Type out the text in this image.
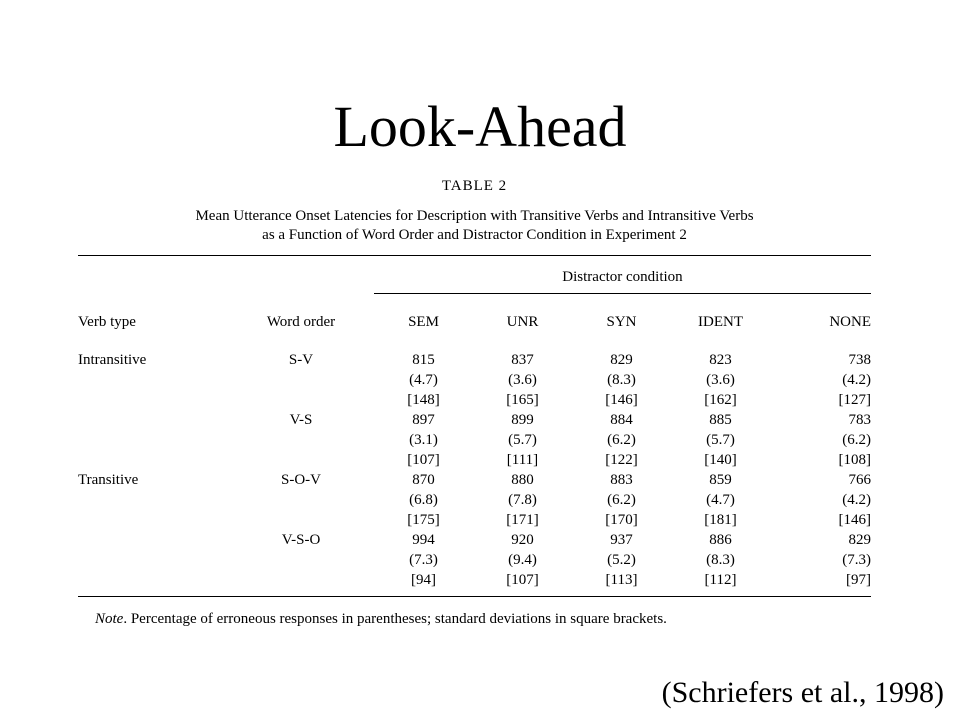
Look-Ahead
TABLE 2
Mean Utterance Onset Latencies for Description with Transitive Verbs and Intransitive Verbs
as a Function of Word Order and Distractor Condition in Experiment 2
Distractor condition
Verb type	Word order	SEM	UNR	SYN	IDENT	NONE
Intransitive	S-V	815	837	829	823	738
		(4.7)	(3.6)	(8.3)	(3.6)	(4.2)
		[148]	[165]	[146]	[162]	[127]
	V-S	897	899	884	885	783
		(3.1)	(5.7)	(6.2)	(5.7)	(6.2)
		[107]	[111]	[122]	[140]	[108]
Transitive	S-O-V	870	880	883	859	766
		(6.8)	(7.8)	(6.2)	(4.7)	(4.2)
		[175]	[171]	[170]	[181]	[146]
	V-S-O	994	920	937	886	829
		(7.3)	(9.4)	(5.2)	(8.3)	(7.3)
		[94]	[107]	[113]	[112]	[97]
Note. Percentage of erroneous responses in parentheses; standard deviations in square brackets.
(Schriefers et al., 1998)
